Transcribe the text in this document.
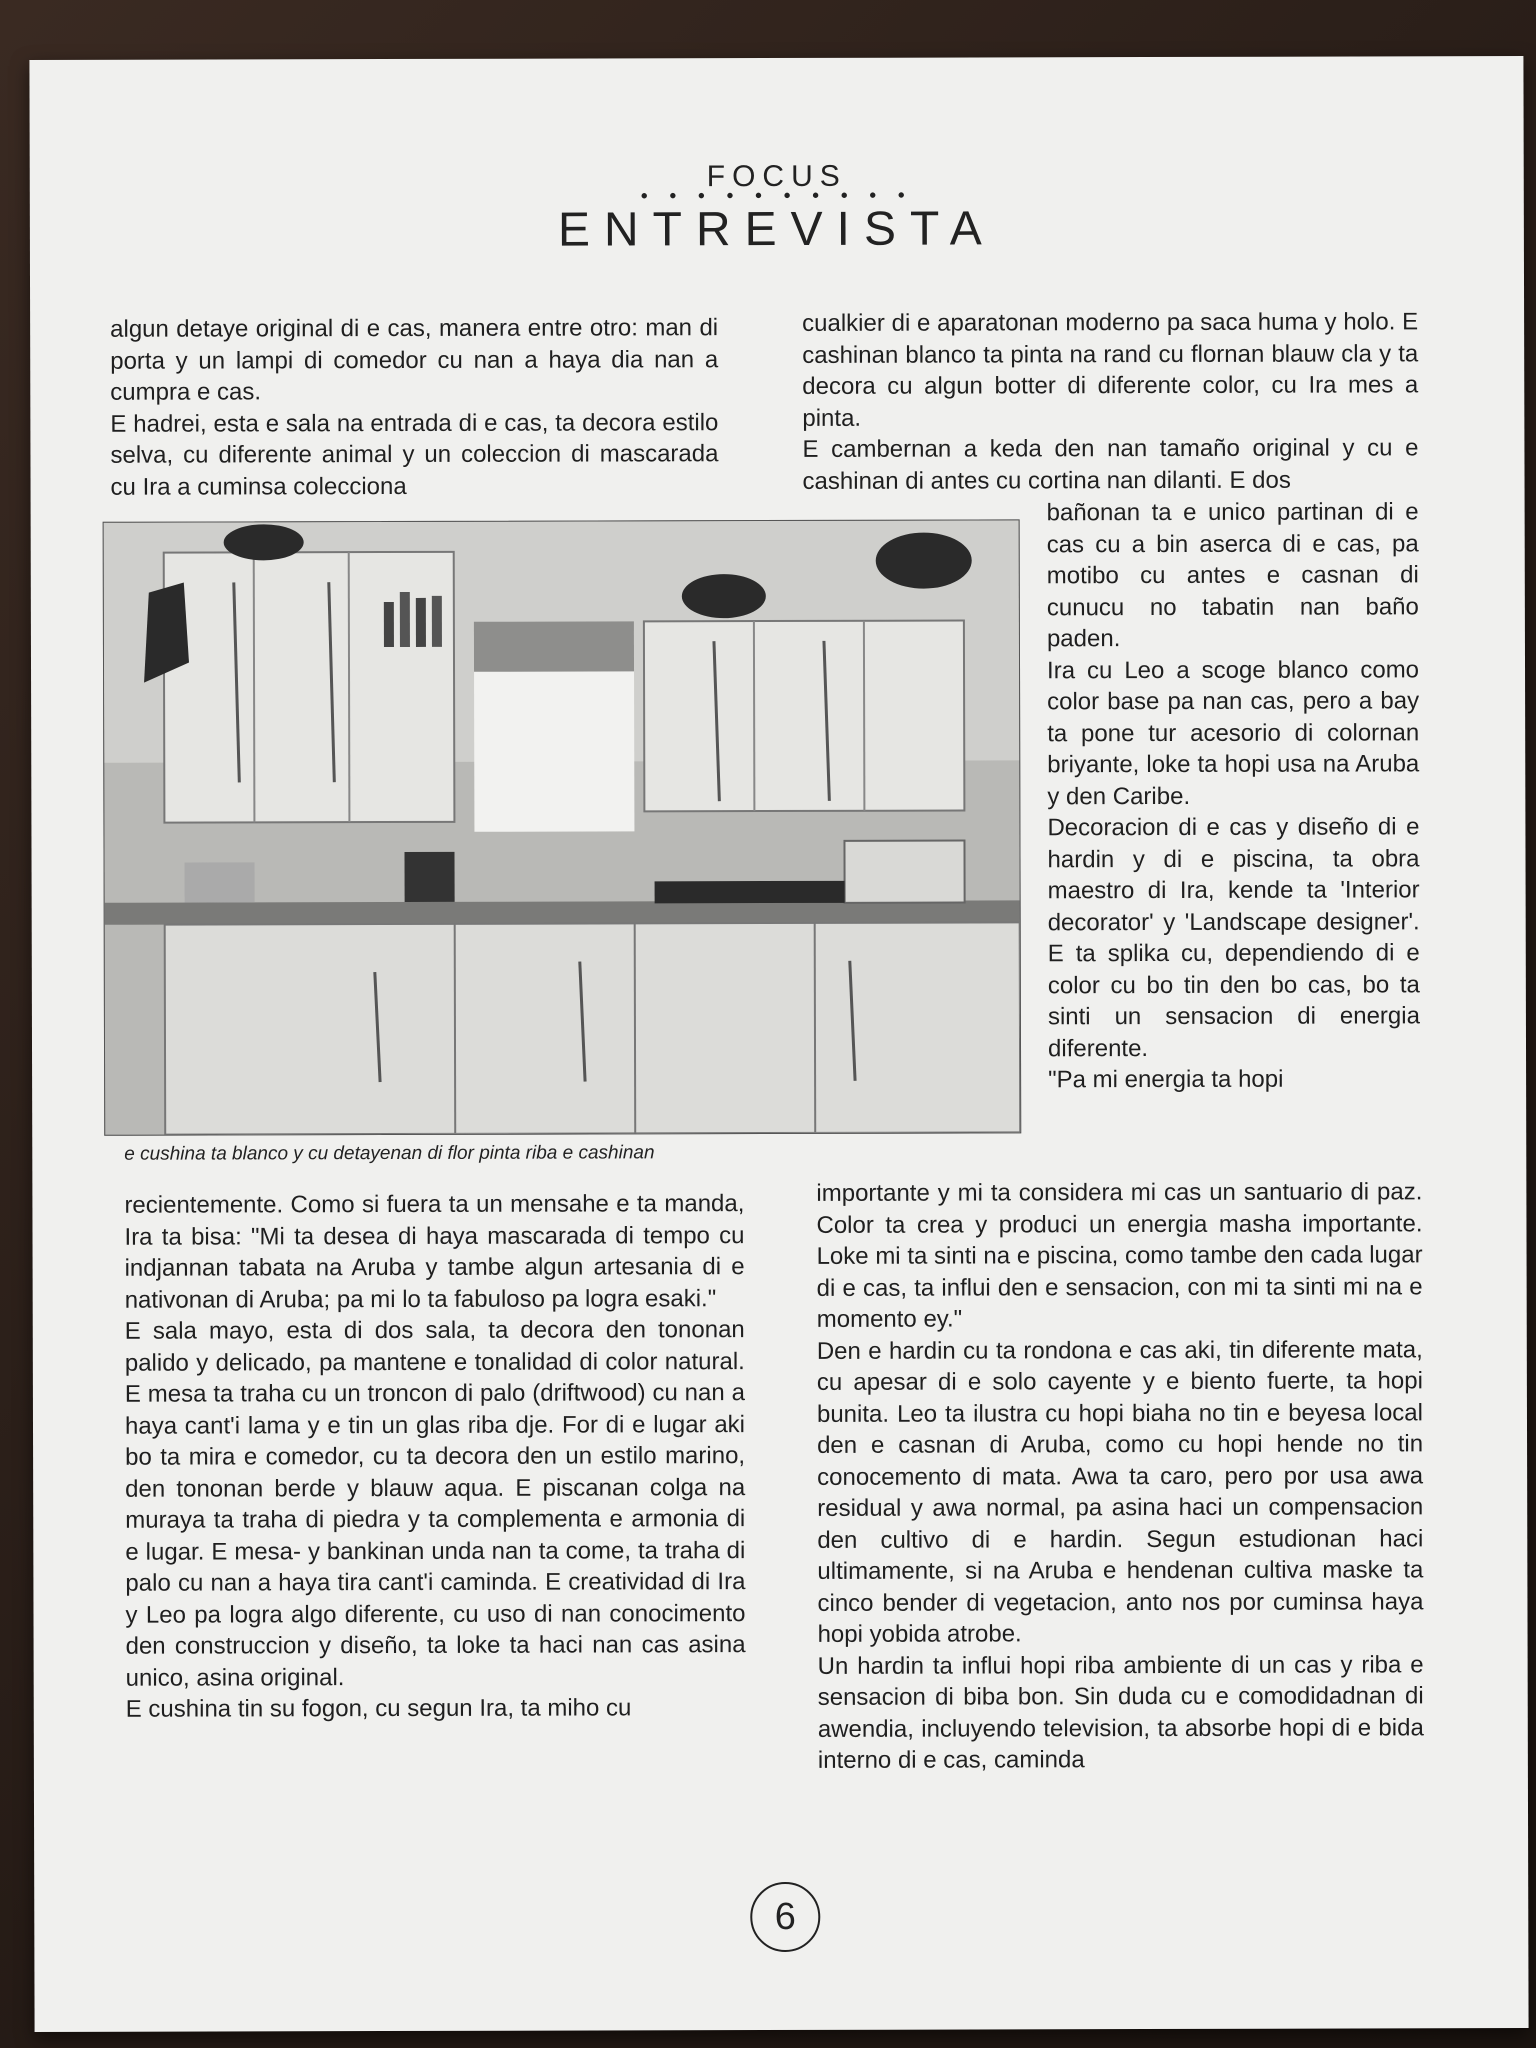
FOCUS
• • • • • • • • • •
ENTREVISTA

algun detaye original di e cas, manera entre otro: man di porta y un lampi di comedor cu nan a haya dia nan a cumpra e cas.

E hadrei, esta e sala na entrada di e cas, ta decora estilo selva, cu diferente animal y un coleccion di mascarada cu Ira a cuminsa colecciona

cualkier di e aparatonan moderno pa saca huma y holo. E cashinan blanco ta pinta na rand cu flornan blauw cla y ta decora cu algun botter di diferente color, cu Ira mes a pinta.

E cambernan a keda den nan tamaño original y cu e cashinan di antes cu cortina nan dilanti. E dos

bañonan ta e unico partinan di e cas cu a bin aserca di e cas, pa motibo cu antes e casnan di cunucu no tabatin nan baño paden.

Ira cu Leo a scoge blanco como color base pa nan cas, pero a bay ta pone tur acesorio di colornan briyante, loke ta hopi usa na Aruba y den Caribe.

Decoracion di e cas y diseño di e hardin y di e piscina, ta obra maestro di Ira, kende ta 'Interior decorator' y 'Landscape designer'. E ta splika cu, dependiendo di e color cu bo tin den bo cas, bo ta sinti un sensacion di energia diferente.

"Pa mi energia ta hopi

e cushina ta blanco y cu detayenan di flor pinta riba e cashinan

recientemente. Como si fuera ta un mensahe e ta manda, Ira ta bisa: "Mi ta desea di haya mascarada di tempo cu indjannan tabata na Aruba y tambe algun artesania di e nativonan di Aruba; pa mi lo ta fabuloso pa logra esaki."

E sala mayo, esta di dos sala, ta decora den tononan palido y delicado, pa mantene e tonalidad di color natural. E mesa ta traha cu un troncon di palo (driftwood) cu nan a haya cant'i lama y e tin un glas riba dje. For di e lugar aki bo ta mira e comedor, cu ta decora den un estilo marino, den tononan berde y blauw aqua. E piscanan colga na muraya ta traha di piedra y ta complementa e armonia di e lugar. E mesa- y bankinan unda nan ta come, ta traha di palo cu nan a haya tira cant'i caminda. E creatividad di Ira y Leo pa logra algo diferente, cu uso di nan conocimento den construccion y diseño, ta loke ta haci nan cas asina unico, asina original.

E cushina tin su fogon, cu segun Ira, ta miho cu

importante y mi ta considera mi cas un santuario di paz. Color ta crea y produci un energia masha importante. Loke mi ta sinti na e piscina, como tambe den cada lugar di e cas, ta influi den e sensacion, con mi ta sinti mi na e momento ey."

Den e hardin cu ta rondona e cas aki, tin diferente mata, cu apesar di e solo cayente y e biento fuerte, ta hopi bunita. Leo ta ilustra cu hopi biaha no tin e beyesa local den e casnan di Aruba, como cu hopi hende no tin conocemento di mata. Awa ta caro, pero por usa awa residual y awa normal, pa asina haci un compensacion den cultivo di e hardin. Segun estudionan haci ultimamente, si na Aruba e hendenan cultiva maske ta cinco bender di vegetacion, anto nos por cuminsa haya hopi yobida atrobe.

Un hardin ta influi hopi riba ambiente di un cas y riba e sensacion di biba bon. Sin duda cu e comodidadnan di awendia, incluyendo television, ta absorbe hopi di e bida interno di e cas, caminda

6
